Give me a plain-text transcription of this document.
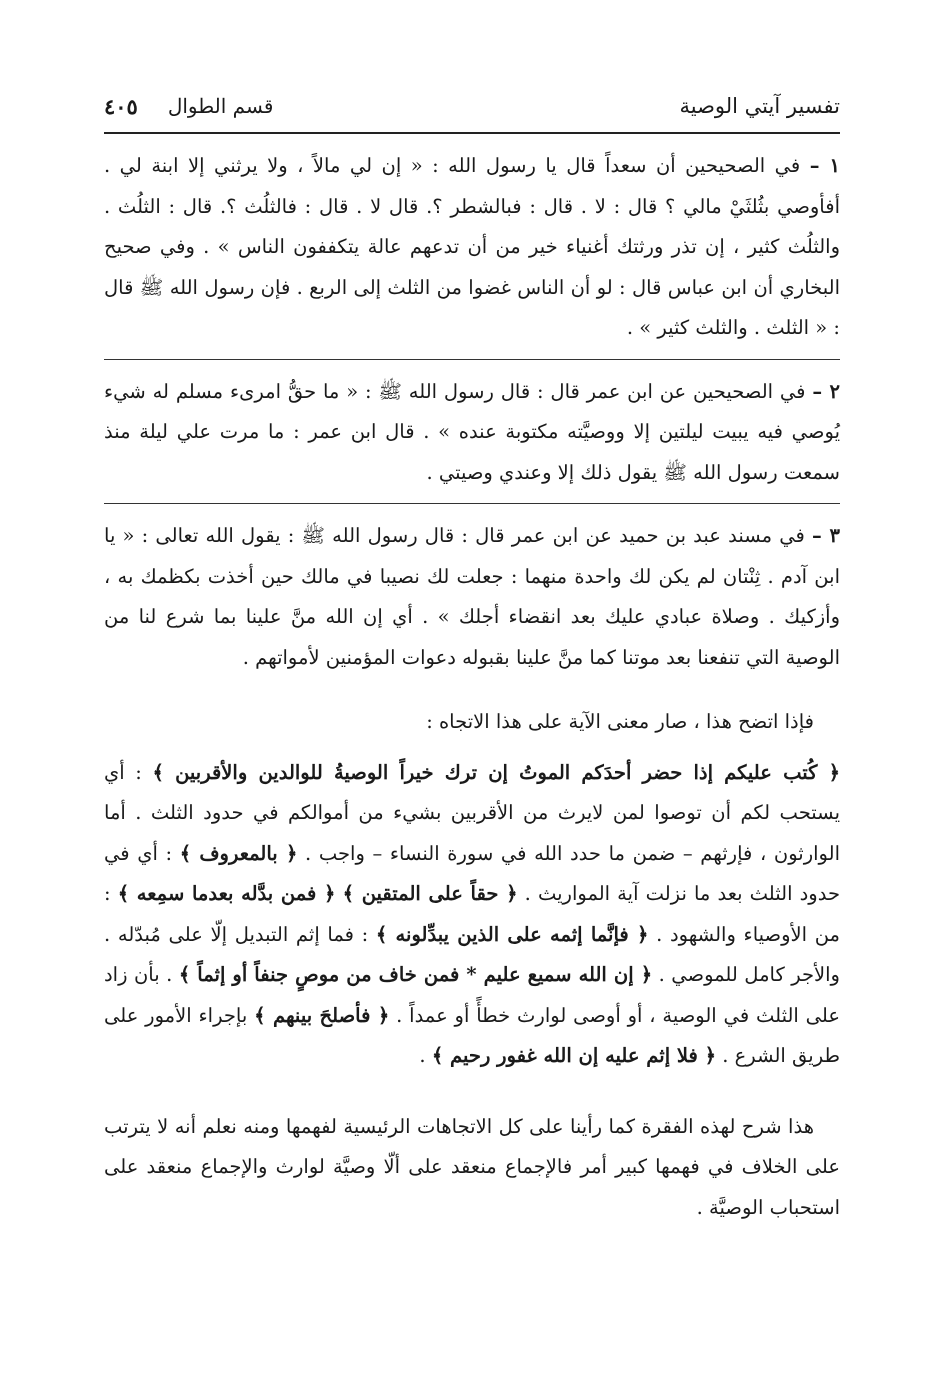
تفسير آيتي الوصية
قسم الطوال
٤٠٥

١ – في الصحيحين أن سعداً قال يا رسول الله : « إن لي مالاً ، ولا يرثني إلا ابنة لي . أفأوصي بثُلثَيْ مالي ؟ قال : لا . قال : فبالشطر ؟. قال لا . قال : فالثلُث ؟. قال : الثلُث . والثلُث كثير ، إن تذر ورثتك أغنياء خير من أن تدعهم عالة يتكففون الناس » . وفي صحيح البخاري أن ابن عباس قال : لو أن الناس غضوا من الثلث إلى الربع . فإن رسول الله ﷺ قال : « الثلث . والثلث كثير » .

٢ – في الصحيحين عن ابن عمر قال : قال رسول الله ﷺ : « ما حقُّ امرىء مسلم له شيء يُوصي فيه يبيت ليلتين إلا ووصيَّته مكتوبة عنده » . قال ابن عمر : ما مرت علي ليلة منذ سمعت رسول الله ﷺ يقول ذلك إلا وعندي وصيتي .

٣ – في مسند عبد بن حميد عن ابن عمر قال : قال رسول الله ﷺ : يقول الله تعالى : « يا ابن آدم . ثِنْتان لم يكن لك واحدة منهما : جعلت لك نصيبا في مالك حين أخذت بكظمك به ، وأزكيك . وصلاة عبادي عليك بعد انقضاء أجلك » . أي إن الله منَّ علينا بما شرع لنا من الوصية التي تنفعنا بعد موتنا كما منَّ علينا بقبوله دعوات المؤمنين لأمواتهم .

فإذا اتضح هذا ، صار معنى الآية على هذا الاتجاه :

﴿ كُتب عليكم إذا حضر أحدَكم الموتُ إن ترك خيراً الوصيةُ للوالدين والأقربين ﴾ : أي يستحب لكم أن توصوا لمن لايرث من الأقربين بشيء من أموالكم في حدود الثلث . أما الوارثون ، فإرثهم – ضمن ما حدد الله في سورة النساء – واجب . ﴿ بالمعروف ﴾ : أي في حدود الثلث بعد ما نزلت آية المواريث . ﴿ حقاً على المتقين ﴾ ﴿ فمن بدَّله بعدما سمِعه ﴾ : من الأوصياء والشهود . ﴿ فإنَّما إثمه على الذين يبدِّلونه ﴾ : فما إثم التبديل إلّا على مُبدّله . والأجر كامل للموصي . ﴿ إن الله سميع عليم * فمن خاف من موصٍ جنفاً أو إثماً ﴾ . بأن زاد على الثلث في الوصية ، أو أوصى لوارث خطأً أو عمداً . ﴿ فأصلحَ بينهم ﴾ بإجراء الأمور على طريق الشرع . ﴿ فلا إثم عليه إن الله غفور رحيم ﴾ .

هذا شرح لهذه الفقرة كما رأينا على كل الاتجاهات الرئيسية لفهمها ومنه نعلم أنه لا يترتب على الخلاف في فهمها كبير أمر فالإجماع منعقد على ألّا وصيَّة لوارث والإجماع منعقد على استحباب الوصيَّة .
